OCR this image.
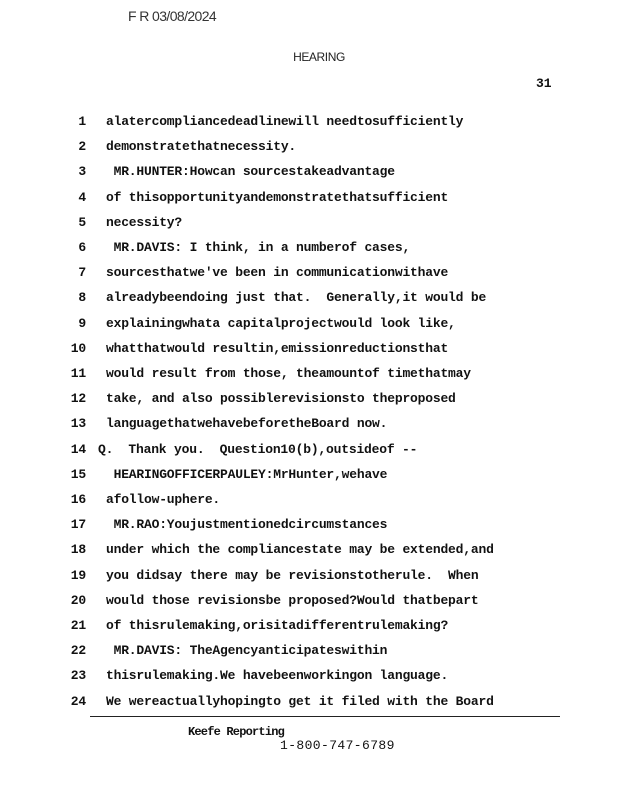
F R 03/08/2024
HEARING
31
1 alatercompliancedeadlinewill needtosufficiently
2 demonstratethatnecessity.
3 MR.HUNTER:Howcan sourcestakeadvantage
4 of thisopportunityandemonstratethatsufficient
5 necessity?
6 MR.DAVIS: I think, in a numberof cases,
7 sourcesthatwe've been in communicationwithave
8 alreadybeendoing just that.  Generally,it would be
9 explainingwhata capitalprojectwould look like,
10 whatthatwould resultin,emissionreductionsthat
11 would result from those, theamountof timethatmay
12 take, and also possiblerevisionsto theproposed
13 languagethatwehavebeforetheBoard now.
14 Q.  Thank you.  Question10(b),outsideof --
15 HEARINGOFFICERPAULEY:MrHunter,wehave
16 afollow-uphere.
17 MR.RAO:Youjustmentionedcircumstances
18 under which the compliancestate may be extended,and
19 you didsay there may be revisionstotherule.  When
20 would those revisionsbe proposed?Would thatbepart
21 of thisrulemaking,orisitadifferentrulemaking?
22 MR.DAVIS: TheAgencyanticipateswithin
23 thisrulemaking.We havebeenworkingon language.
24 We wereactuallyhopingto get it filed with the Board
Keefe Reporting
1-800-747-6789
